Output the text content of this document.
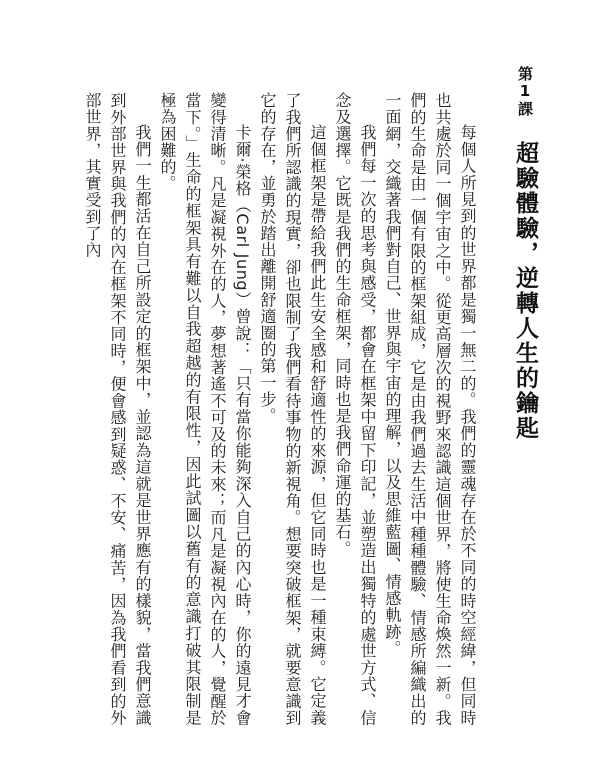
第1課
超驗體驗，逆轉人生的鑰匙

每個人所見到的世界都是獨一無二的。我們的靈魂存在於不同的時空經緯，但同時也共處於同一個宇宙之中。從更高層次的視野來認識這個世界，將使生命煥然一新。我們的生命是由一個有限的框架組成，它是由我們過去生活中種種體驗、情感所編織出的一面網，交織著我們對自己、世界與宇宙的理解，以及思維藍圖、情感軌跡。

我們每一次的思考與感受，都會在框架中留下印記，並塑造出獨特的處世方式、信念及選擇。它既是我們的生命框架，同時也是我們命運的基石。

這個框架是帶給我們此生安全感和舒適性的來源，但它同時也是一種束縛。它定義了我們所認識的現實，卻也限制了我們看待事物的新視角。想要突破框架，就要意識到它的存在，並勇於踏出離開舒適圈的第一步。

卡爾·榮格（Carl Jung）曾說：「只有當你能夠深入自己的內心時，你的遠見才會變得清晰。凡是凝視外在的人，夢想著遙不可及的未來；而凡是凝視內在的人，覺醒於當下。」生命的框架具有難以自我超越的有限性，因此試圖以舊有的意識打破其限制是極為困難的。

我們一生都活在自己所設定的框架中，並認為這就是世界應有的樣貌，當我們意識到外部世界與我們的內在框架不同時，便會感到疑惑、不安、痛苦，因為我們看到的外部世界，其實受到了內
